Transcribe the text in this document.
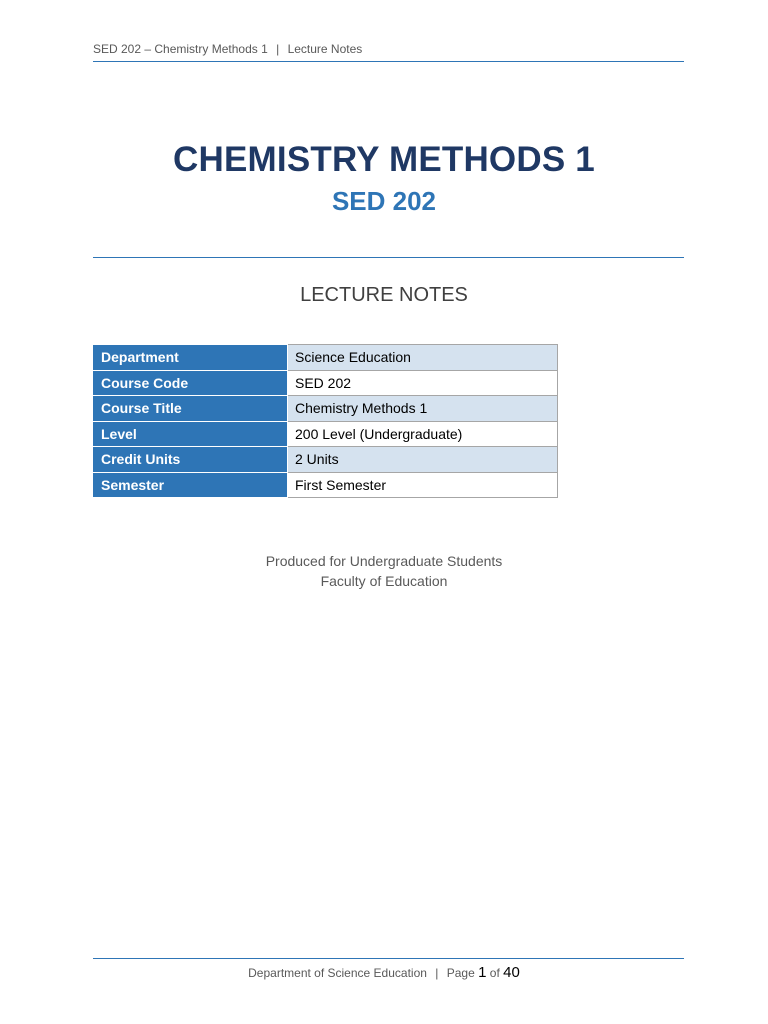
SED 202 – Chemistry Methods 1 | Lecture Notes
CHEMISTRY METHODS 1
SED 202
LECTURE NOTES
Department	Science Education
Course Code	SED 202
Course Title	Chemistry Methods 1
Level	200 Level (Undergraduate)
Credit Units	2 Units
Semester	First Semester
Produced for Undergraduate Students
Faculty of Education
Department of Science Education | Page 1 of 40
